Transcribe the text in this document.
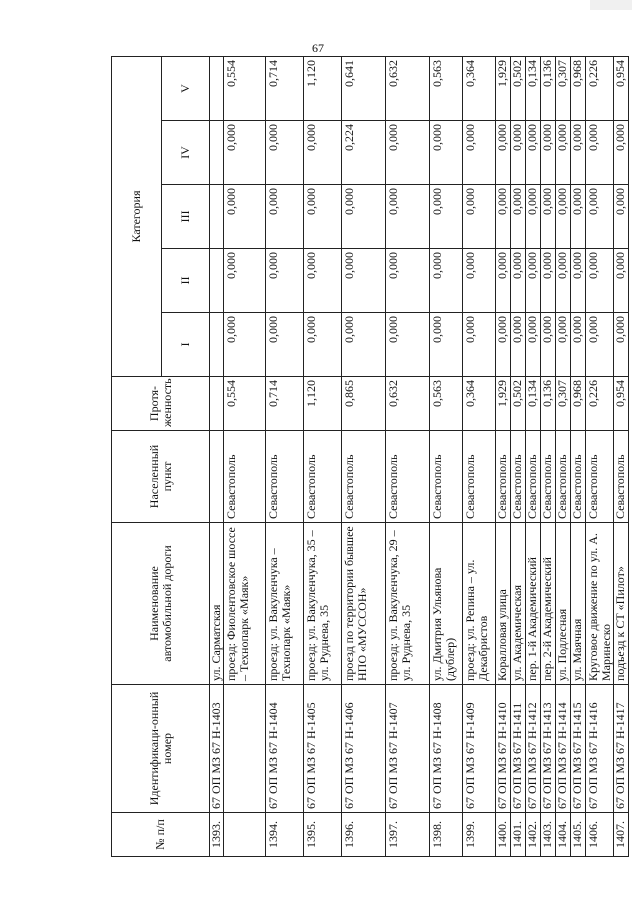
67
№ п/п	Идентификаци-онный номер	Наименование автомобильной дороги	Населенный пункт	Протя-женность	Категория				
					I	II	III	IV	V
1393.	67 ОП МЗ 67 Н-1403	ул. Сарматская							
		проезд: Фиолентовское шоссе – Технопарк «Маяк»	Севастополь	0,554	0,000	0,000	0,000	0,000	0,554
1394.	67 ОП МЗ 67 Н-1404	проезд: ул. Вакуленчука – Технопарк «Маяк»	Севастополь	0,714	0,000	0,000	0,000	0,000	0,714
1395.	67 ОП МЗ 67 Н-1405	проезд: ул. Вакуленчука, 35 – ул. Руднева, 35	Севастополь	1,120	0,000	0,000	0,000	0,000	1,120
1396.	67 ОП МЗ 67 Н-1406	проезд по территории бывшее НПО «МУССОН»	Севастополь	0,865	0,000	0,000	0,000	0,224	0,641
1397.	67 ОП МЗ 67 Н-1407	проезд: ул. Вакуленчука, 29 – ул. Руднева, 35	Севастополь	0,632	0,000	0,000	0,000	0,000	0,632
1398.	67 ОП МЗ 67 Н-1408	ул. Дмитрия Ульянова (дублер)	Севастополь	0,563	0,000	0,000	0,000	0,000	0,563
1399.	67 ОП МЗ 67 Н-1409	проезд: ул. Репина – ул. Декабристов	Севастополь	0,364	0,000	0,000	0,000	0,000	0,364
1400.	67 ОП МЗ 67 Н-1410	Коралловая улица	Севастополь	1,929	0,000	0,000	0,000	0,000	1,929
1401.	67 ОП МЗ 67 Н-1411	ул. Академическая	Севастополь	0,502	0,000	0,000	0,000	0,000	0,502
1402.	67 ОП МЗ 67 Н-1412	пер. 1-й Академический	Севастополь	0,134	0,000	0,000	0,000	0,000	0,134
1403.	67 ОП МЗ 67 Н-1413	пер. 2-й Академический	Севастополь	0,136	0,000	0,000	0,000	0,000	0,136
1404.	67 ОП МЗ 67 Н-1414	ул. Подлесная	Севастополь	0,307	0,000	0,000	0,000	0,000	0,307
1405.	67 ОП МЗ 67 Н-1415	ул. Маячная	Севастополь	0,968	0,000	0,000	0,000	0,000	0,968
1406.	67 ОП МЗ 67 Н-1416	Круговое движение по ул. А. Маринеско	Севастополь	0,226	0,000	0,000	0,000	0,000	0,226
1407.	67 ОП МЗ 67 Н-1417	подъезд к СТ «Пилот»	Севастополь	0,954	0,000	0,000	0,000	0,000	0,954
